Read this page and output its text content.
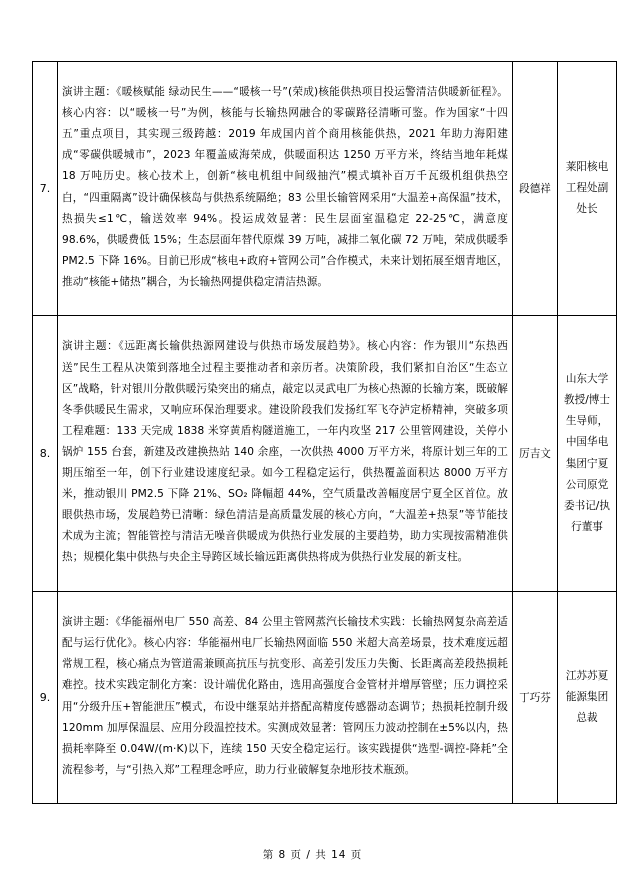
7.	演讲主题：《暖核赋能 绿动民生——“暖核一号”(荣成)核能供热项目投运警清洁供暖新征程》。核心内容：以“暖核一号”为例，核能与长输热网融合的零碳路径清晰可鉴。作为国家“十四五”重点项目，其实现三级跨越：2019 年成国内首个商用核能供热，2021 年助力海阳建成“零碳供暖城市”，2023 年覆盖威海荣成，供暖面积达 1250 万平方米，终结当地年耗煤 18 万吨历史。核心技术上，创新“核电机组中间级抽汽”模式填补百万千瓦级机组供热空白，“四重隔离”设计确保核岛与供热系统隔绝；83 公里长输管网采用“大温差+高保温”技术，热损失≤1℃，输送效率 94%。投运成效显著：民生层面室温稳定 22-25℃，满意度 98.6%，供暖费低 15%；生态层面年替代原煤 39 万吨，减排二氧化碳 72 万吨，荣成供暖季 PM2.5 下降 16%。目前已形成“核电+政府+管网公司”合作模式，未来计划拓展至烟青地区，推动“核能+储热”耦合，为长输热网提供稳定清洁热源。	段德祥	莱阳核电工程处副处长
8.	演讲主题：《远距离长输供热源网建设与供热市场发展趋势》。核心内容：作为银川“东热西送”民生工程从决策到落地全过程主要推动者和亲历者。决策阶段，我们紧扣自治区“生态立区”战略，针对银川分散供暖污染突出的痛点，敲定以灵武电厂为核心热源的长输方案，既破解冬季供暖民生需求，又响应环保治理要求。建设阶段我们发扬红军飞夺泸定桥精神，突破多项工程难题：133 天完成 1838 米穿黄盾构隧道施工，一年内攻坚 217 公里管网建设，关停小锅炉 155 台套，新建及改建换热站 140 余座，一次供热 4000 万平方米，将原计划三年的工期压缩至一年，创下行业建设速度纪录。如今工程稳定运行，供热覆盖面积达 8000 万平方米，推动银川 PM2.5 下降 21%、SO₂ 降幅超 44%，空气质量改善幅度居宁夏全区首位。放眼供热市场，发展趋势已清晰：绿色清洁是高质量发展的核心方向，“大温差+热泵”等节能技术成为主流；智能管控与清洁无噪音供暖成为供热行业发展的主要趋势，助力实现按需精准供热；规模化集中供热与央企主导跨区域长输远距离供热将成为供热行业发展的新支柱。	厉吉文	山东大学教授/博士生导师，中国华电集团宁夏公司原党委书记/执行董事
9.	演讲主题：《华能福州电厂 550 高差、84 公里主管网蒸汽长输技术实践：长输热网复杂高差适配与运行优化》。核心内容：华能福州电厂长输热网面临 550 米超大高差场景，技术难度远超常规工程，核心痛点为管道需兼顾高抗压与抗变形、高差引发压力失衡、长距离高差段热损耗难控。技术实践定制化方案：设计端优化路由，选用高强度合金管材并增厚管壁；压力调控采用“分级升压+智能泄压”模式，布设中继泵站并搭配高精度传感器动态调节；热损耗控制升级 120mm 加厚保温层、应用分段温控技术。实测成效显著：管网压力波动控制在±5%以内，热损耗率降至 0.04W/(m·K)以下，连续 150 天安全稳定运行。该实践提供“选型-调控-降耗”全流程参考，与“引热入郑”工程理念呼应，助力行业破解复杂地形技术瓶颈。	丁巧芬	江苏苏夏能源集团总裁
第 8 页 / 共 14 页
